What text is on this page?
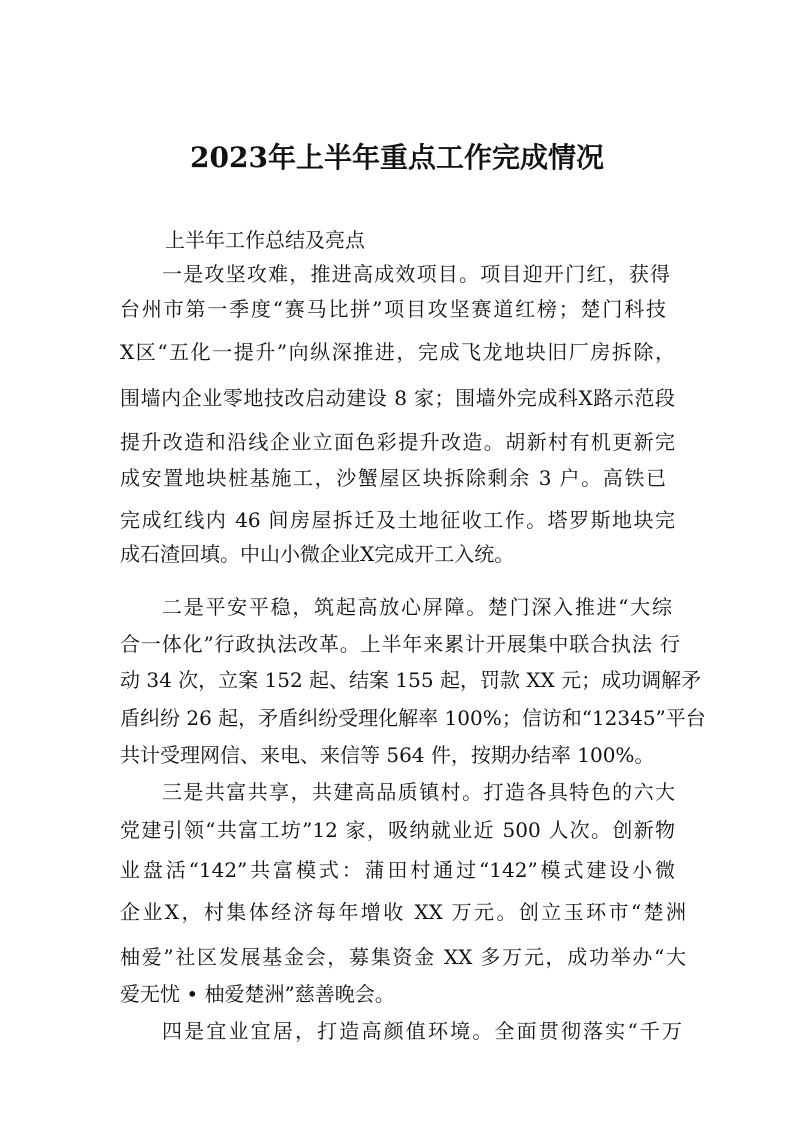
2023年上半年重点工作完成情况
上半年工作总结及亮点
一是攻坚攻难，推进高成效项目。项目迎开门红，获得
台州市第一季度“赛马比拼”项目攻坚赛道红榜；楚门科技
X区“五化一提升”向纵深推进，完成飞龙地块旧厂房拆除，
围墙内企业零地技改启动建设 8 家；围墙外完成科X路示范段
提升改造和沿线企业立面色彩提升改造。胡新村有机更新完
成安置地块桩基施工，沙蟹屋区块拆除剩余 3 户。高铁已
完成红线内 46 间房屋拆迁及土地征收工作。塔罗斯地块完
成石渣回填。中山小微企业X完成开工入统。
二是平安平稳，筑起高放心屏障。楚门深入推进“大综
合一体化”行政执法改革。上半年来累计开展集中联合执法 行
动 34 次，立案 152 起、结案 155 起，罚款 XX 元；成功调解矛
盾纠纷 26 起，矛盾纠纷受理化解率 100%；信访和“12345”平台
共计受理网信、来电、来信等 564 件，按期办结率 100%。
三是共富共享，共建高品质镇村。打造各具特色的六大
党建引领“共富工坊”12 家，吸纳就业近 500 人次。创新物
业盘活“142”共富模式：蒲田村通过“142”模式建设小微
企业X，村集体经济每年增收 XX 万元。创立玉环市“楚洲
柚爱”社区发展基金会，募集资金 XX 多万元，成功举办“大
爱无忧 • 柚爱楚洲”慈善晚会。
四是宜业宜居，打造高颜值环境。全面贯彻落实“千万
